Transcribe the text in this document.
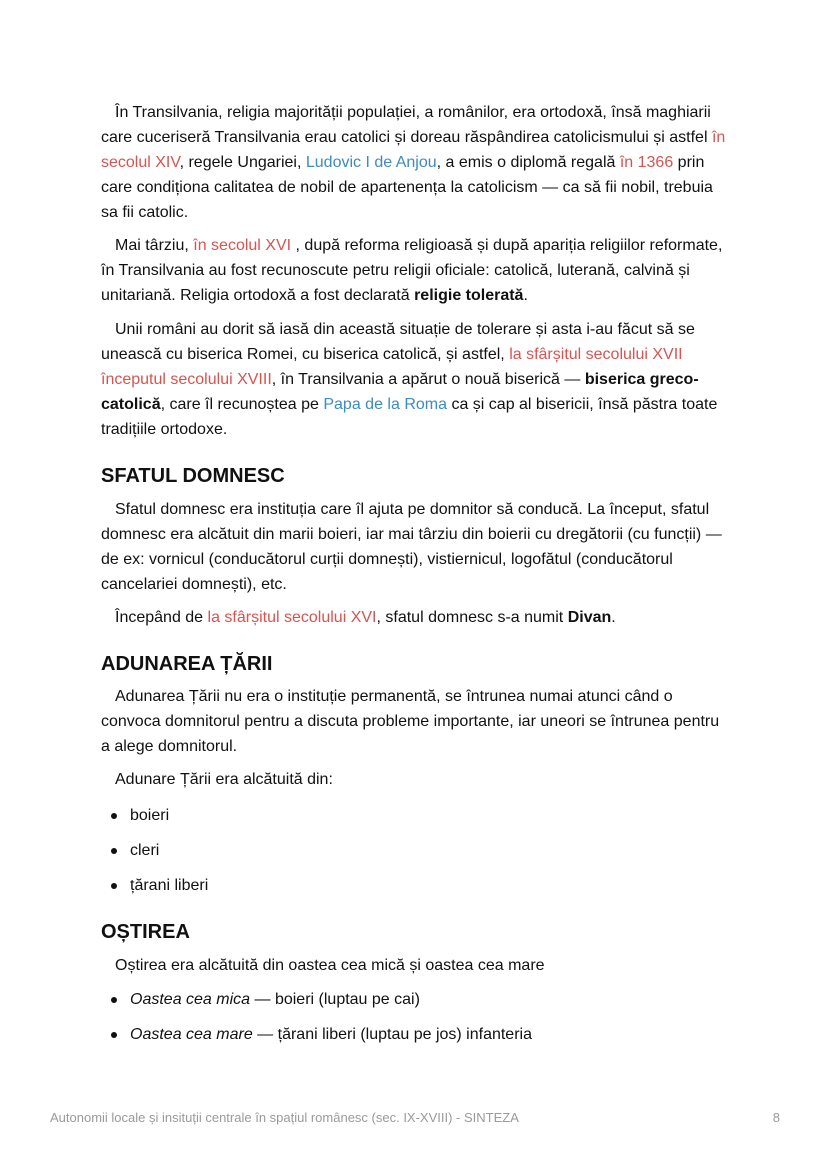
În Transilvania, religia majorității populației, a românilor, era ortodoxă, însă maghiarii care cuceriseră Transilvania erau catolici și doreau răspândirea catolicismului și astfel în secolul XIV, regele Ungariei, Ludovic I de Anjou, a emis o diplomă regală în 1366 prin care condiționa calitatea de nobil de apartenența la catolicism — ca să fii nobil, trebuia sa fii catolic.
Mai târziu, în secolul XVI , după reforma religioasă și după apariția religiilor reformate, în Transilvania au fost recunoscute petru religii oficiale: catolică, luterană, calvină și unitariană. Religia ortodoxă a fost declarată religie tolerată.
Unii români au dorit să iasă din această situație de tolerare și asta i-au făcut să se unească cu biserica Romei, cu biserica catolică, și astfel, la sfârșitul secolului XVII începutul secolului XVIII, în Transilvania a apărut o nouă biserică — biserica greco-catolică, care îl recunoștea pe Papa de la Roma ca și cap al bisericii, însă păstra toate tradițiile ortodoxe.
SFATUL DOMNESC
Sfatul domnesc era instituția care îl ajuta pe domnitor să conducă. La început, sfatul domnesc era alcătuit din marii boieri, iar mai târziu din boierii cu dregătorii (cu funcții) — de ex: vornicul (conducătorul curții domnești), vistiernicul, logofătul (conducătorul cancelariei domnești), etc.
Începând de la sfârșitul secolului XVI, sfatul domnesc s-a numit Divan.
ADUNAREA ȚĂRII
Adunarea Țării nu era o instituție permanentă, se întrunea numai atunci când o convoca domnitorul pentru a discuta probleme importante, iar uneori se întrunea pentru a alege domnitorul.
Adunare Țării era alcătuită din:
boieri
cleri
țărani liberi
OȘTIREA
Oștirea era alcătuită din oastea cea mică și oastea cea mare
Oastea cea mica — boieri (luptau pe cai)
Oastea cea mare — țărani liberi (luptau pe jos) infanteria
Autonomii locale și insituții centrale în spațiul românesc (sec. IX-XVIII) - SINTEZA	8
